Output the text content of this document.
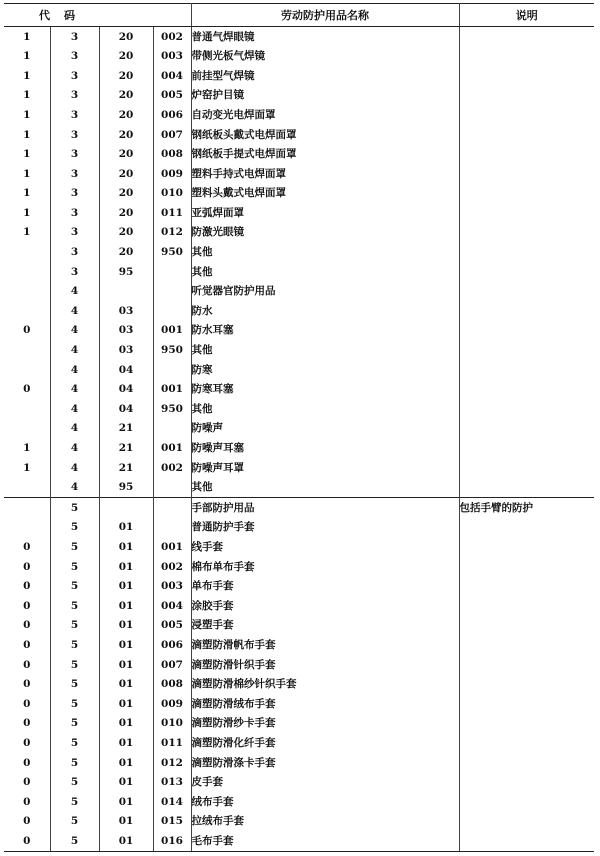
代	码			劳动防护用品名称	说明
1	3	20	002	普通气焊眼镜	
1	3	20	003	带侧光板气焊镜	
1	3	20	004	前挂型气焊镜	
1	3	20	005	炉窑护目镜	
1	3	20	006	自动变光电焊面罩	
1	3	20	007	钢纸板头戴式电焊面罩	
1	3	20	008	钢纸板手提式电焊面罩	
1	3	20	009	塑料手持式电焊面罩	
1	3	20	010	塑料头戴式电焊面罩	
1	3	20	011	亚弧焊面罩	
1	3	20	012	防激光眼镜	
	3	20	950	其他	
	3	95		其他	
	4			听觉器官防护用品	
	4	03		防水	
0	4	03	001	防水耳塞	
	4	03	950	其他	
	4	04		防寒	
0	4	04	001	防寒耳塞	
	4	04	950	其他	
	4	21		防噪声	
1	4	21	001	防噪声耳塞	
1	4	21	002	防噪声耳罩	
	4	95		其他	
	5			手部防护用品	包括手臂的防护
	5	01		普通防护手套	
0	5	01	001	线手套	
0	5	01	002	棉布单布手套	
0	5	01	003	单布手套	
0	5	01	004	涂胶手套	
0	5	01	005	浸塑手套	
0	5	01	006	滴塑防滑帆布手套	
0	5	01	007	滴塑防滑针织手套	
0	5	01	008	滴塑防滑棉纱针织手套	
0	5	01	009	滴塑防滑绒布手套	
0	5	01	010	滴塑防滑纱卡手套	
0	5	01	011	滴塑防滑化纤手套	
0	5	01	012	滴塑防滑涤卡手套	
0	5	01	013	皮手套	
0	5	01	014	绒布手套	
0	5	01	015	拉绒布手套	
0	5	01	016	毛布手套	
